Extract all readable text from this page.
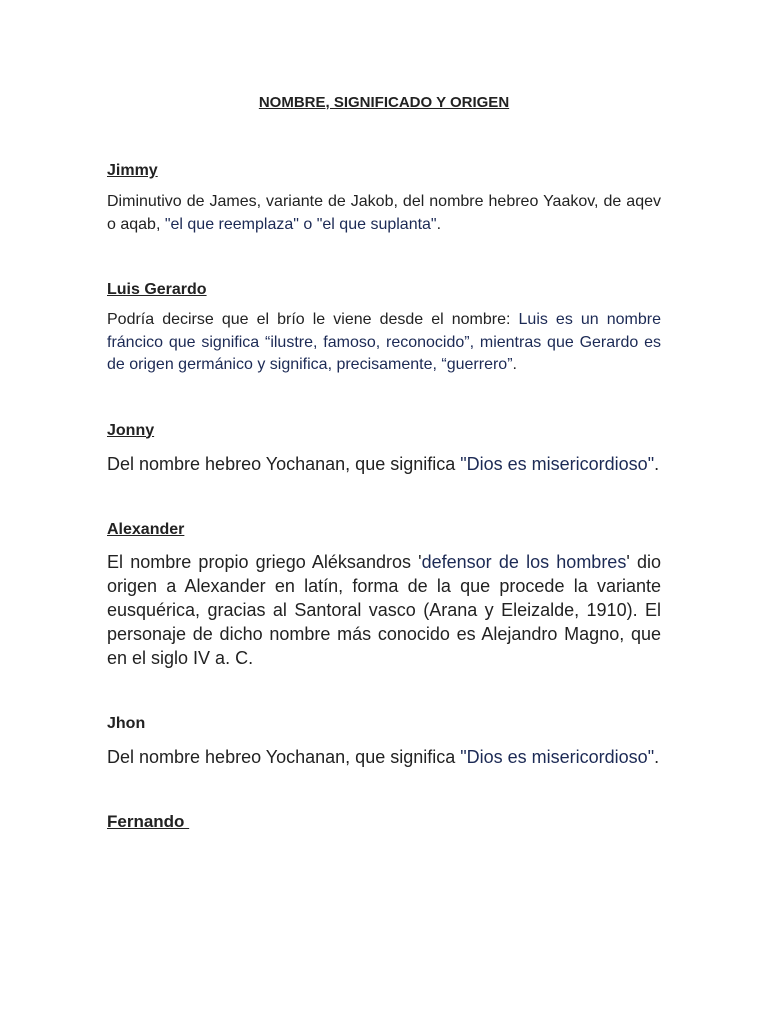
NOMBRE, SIGNIFICADO Y ORIGEN
Jimmy

Diminutivo de James, variante de Jakob, del nombre hebreo Yaakov, de aqev o aqab, "el que reemplaza" o "el que suplanta".

Luis Gerardo

Podría decirse que el brío le viene desde el nombre: Luis es un nombre fráncico que significa “ilustre, famoso, reconocido”, mientras que Gerardo es de origen germánico y significa, precisamente, “guerrero”.

Jonny

Del nombre hebreo Yochanan, que significa "Dios es misericordioso".

Alexander

El nombre propio griego Aléksandros 'defensor de los hombres' dio origen a Alexander en latín, forma de la que procede la variante eusquérica, gracias al Santoral vasco (Arana y Eleizalde, 1910). El personaje de dicho nombre más conocido es Alejandro Magno, que en el siglo IV a. C.

Jhon

Del nombre hebreo Yochanan, que significa "Dios es misericordioso".

Fernando
